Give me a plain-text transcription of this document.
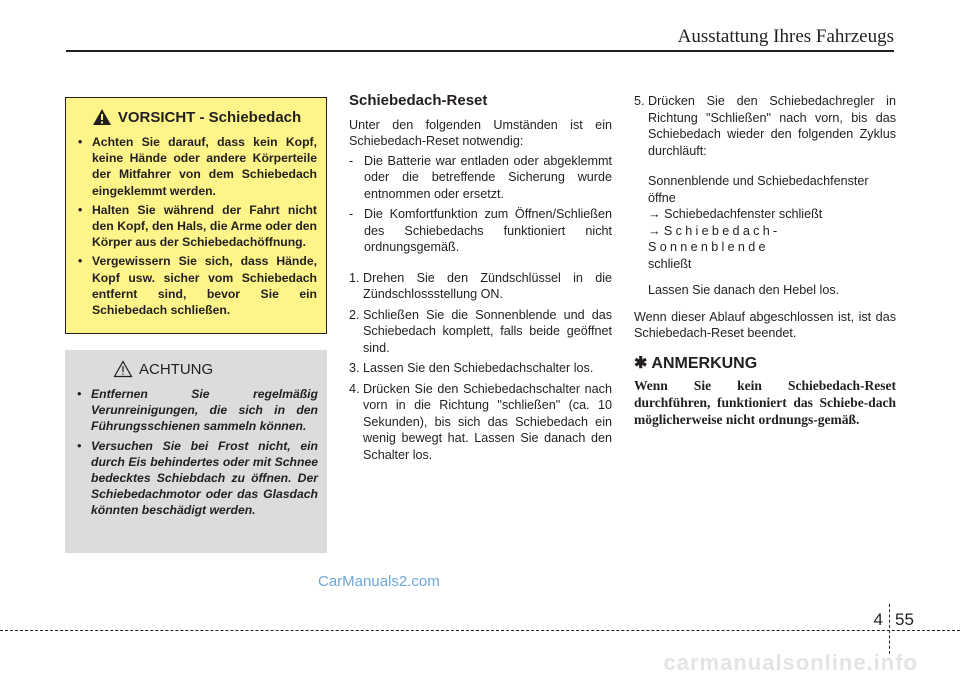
Ausstattung Ihres Fahrzeugs
VORSICHT - Schiebedach
• Achten Sie darauf, dass kein Kopf, keine Hände oder andere Körperteile der Mitfahrer von dem Schiebedach eingeklemmt werden.
• Halten Sie während der Fahrt nicht den Kopf, den Hals, die Arme oder den Körper aus der Schiebedachöffnung.
• Vergewissern Sie sich, dass Hände, Kopf usw. sicher vom Schiebedach entfernt sind, bevor Sie ein Schiebedach schließen.
ACHTUNG
• Entfernen Sie regelmäßig Verunreinigungen, die sich in den Führungsschienen sammeln können.
• Versuchen Sie bei Frost nicht, ein durch Eis behindertes oder mit Schnee bedecktes Schiebdach zu öffnen. Der Schiebedachmotor oder das Glasdach könnten beschädigt werden.
Schiebedach-Reset

Unter den folgenden Umständen ist ein Schiebedach-Reset notwendig:

- Die Batterie war entladen oder abgeklemmt oder die betreffende Sicherung wurde entnommen oder ersetzt.
- Die Komfortfunktion zum Öffnen/Schließen des Schiebedachs funktioniert nicht ordnungsgemäß.
1. Drehen Sie den Zündschlüssel in die Zündschlossstellung ON.
2. Schließen Sie die Sonnenblende und das Schiebedach komplett, falls beide geöffnet sind.
3. Lassen Sie den Schiebedachschalter los.
4. Drücken Sie den Schiebedachschalter nach vorn in die Richtung "schließen" (ca. 10 Sekunden), bis sich das Schiebedach ein wenig bewegt hat. Lassen Sie danach den Schalter los.
5. Drücken Sie den Schiebedachregler in Richtung "Schließen" nach vorn, bis das Schiebedach wieder den folgenden Zyklus durchläuft:
Sonnenblende und Schiebedachfenster öffne
→ Schiebedachfenster schließt
→Schiebedach-Sonnenblende
schließt
Lassen Sie danach den Hebel los.

Wenn dieser Ablauf abgeschlossen ist, ist das Schiebedach-Reset beendet.

✱ ANMERKUNG
Wenn Sie kein Schiebedach-Reset durchführen, funktioniert das Schiebe-dach möglicherweise nicht ordnungs-gemäß.
CarManuals2.com
4 55
carmanualsonline.info
